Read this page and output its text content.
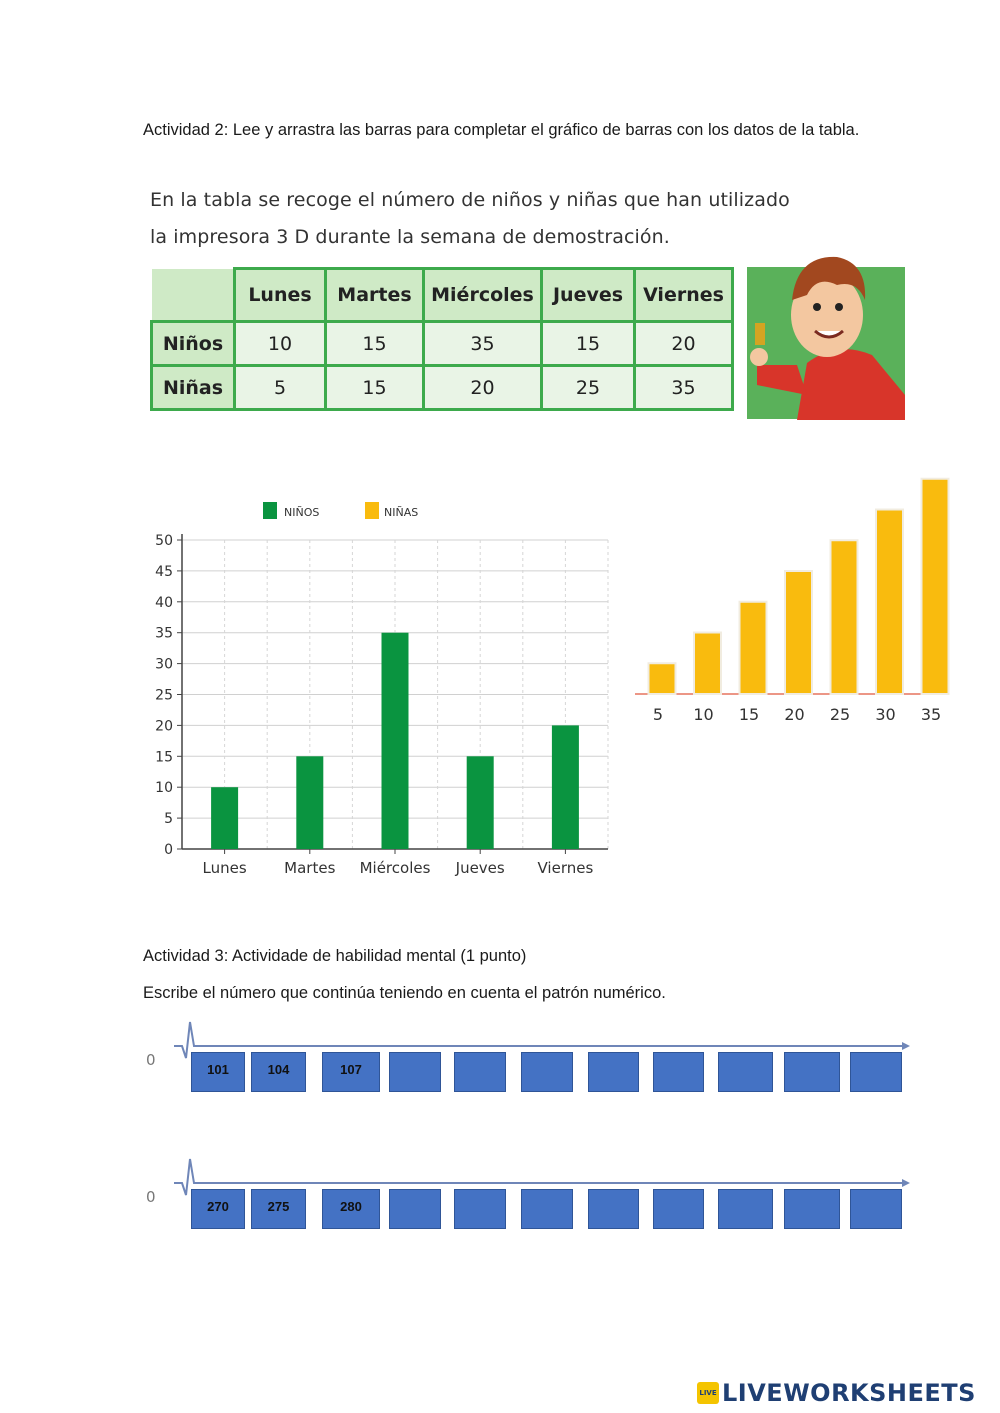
Actividad 2: Lee y arrastra las barras para completar el gráfico de barras con los datos de la tabla.
En la tabla se recoge el número de niños y niñas que han utilizado
la impresora 3 D durante la semana de demostración.
	Lunes	Martes	Miércoles	Jueves	Viernes
Niños	10	15	35	15	20
Niñas	5	15	20	25	35
NIÑOS	NIÑAS
0
5
10
15
20
25
30
35
40
45
50
Lunes	Martes Miércoles Jueves Viernes
5 10 15 20 25 30 35
Actividad 3: Actividade de habilidad mental (1 punto)
Escribe el número que continúa teniendo en cuenta el patrón numérico.
0
101	104	107
0
270	275	280
LIVE LIVEWORKSHEETS
